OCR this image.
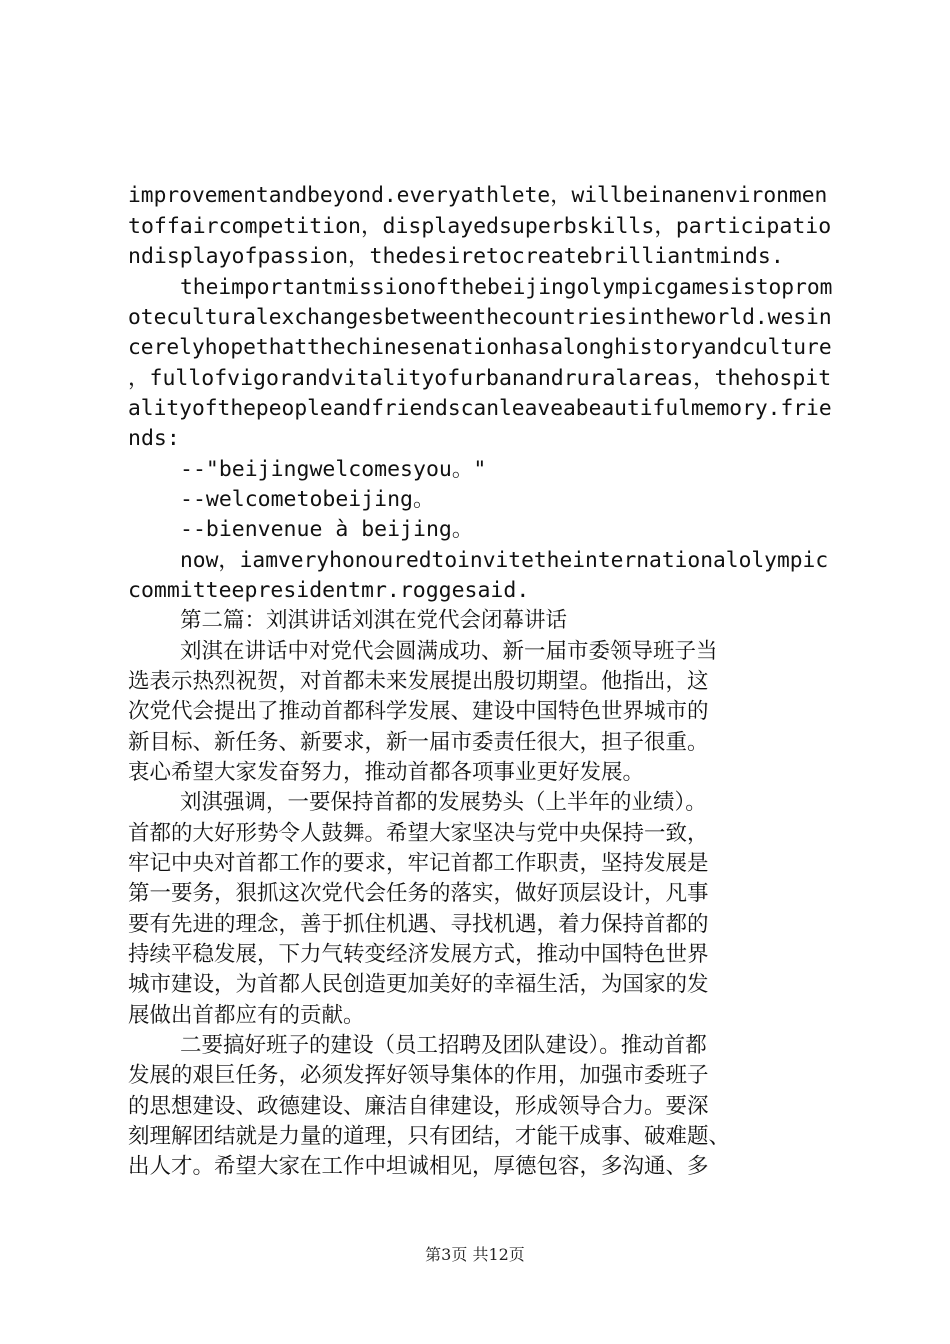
improvementandbeyond.everyathlete，willbeinanenvironmen
toffaircompetition，displayedsuperbskills，participatio
ndisplayofpassion，thedesiretocreatebrilliantminds.
theimportantmissionofthebeijingolympicgamesistoprom
oteculturalexchangesbetweenthecountriesintheworld.wesin
cerelyhopethatthechinesenationhasalonghistoryandculture
，fullofvigorandvitalityofurbanandruralareas，thehospit
alityofthepeopleandfriendscanleaveabeautifulmemory.frie
nds:
--"beijingwelcomesyou。"
--welcometobeijing。
--bienvenue à beijing。
now，iamveryhonouredtoinvitetheinternationalolympic
committeepresidentmr.roggesaid.
第二篇：刘淇讲话刘淇在党代会闭幕讲话
刘淇在讲话中对党代会圆满成功、新一届市委领导班子当
选表示热烈祝贺，对首都未来发展提出殷切期望。他指出，这
次党代会提出了推动首都科学发展、建设中国特色世界城市的
新目标、新任务、新要求，新一届市委责任很大，担子很重。
衷心希望大家发奋努力，推动首都各项事业更好发展。
刘淇强调，一要保持首都的发展势头（上半年的业绩）。
首都的大好形势令人鼓舞。希望大家坚决与党中央保持一致，
牢记中央对首都工作的要求，牢记首都工作职责，坚持发展是
第一要务，狠抓这次党代会任务的落实，做好顶层设计，凡事
要有先进的理念，善于抓住机遇、寻找机遇，着力保持首都的
持续平稳发展，下力气转变经济发展方式，推动中国特色世界
城市建设，为首都人民创造更加美好的幸福生活，为国家的发
展做出首都应有的贡献。
二要搞好班子的建设（员工招聘及团队建设）。推动首都
发展的艰巨任务，必须发挥好领导集体的作用，加强市委班子
的思想建设、政德建设、廉洁自律建设，形成领导合力。要深
刻理解团结就是力量的道理，只有团结，才能干成事、破难题、
出人才。希望大家在工作中坦诚相见，厚德包容，多沟通、多
第3页 共12页
